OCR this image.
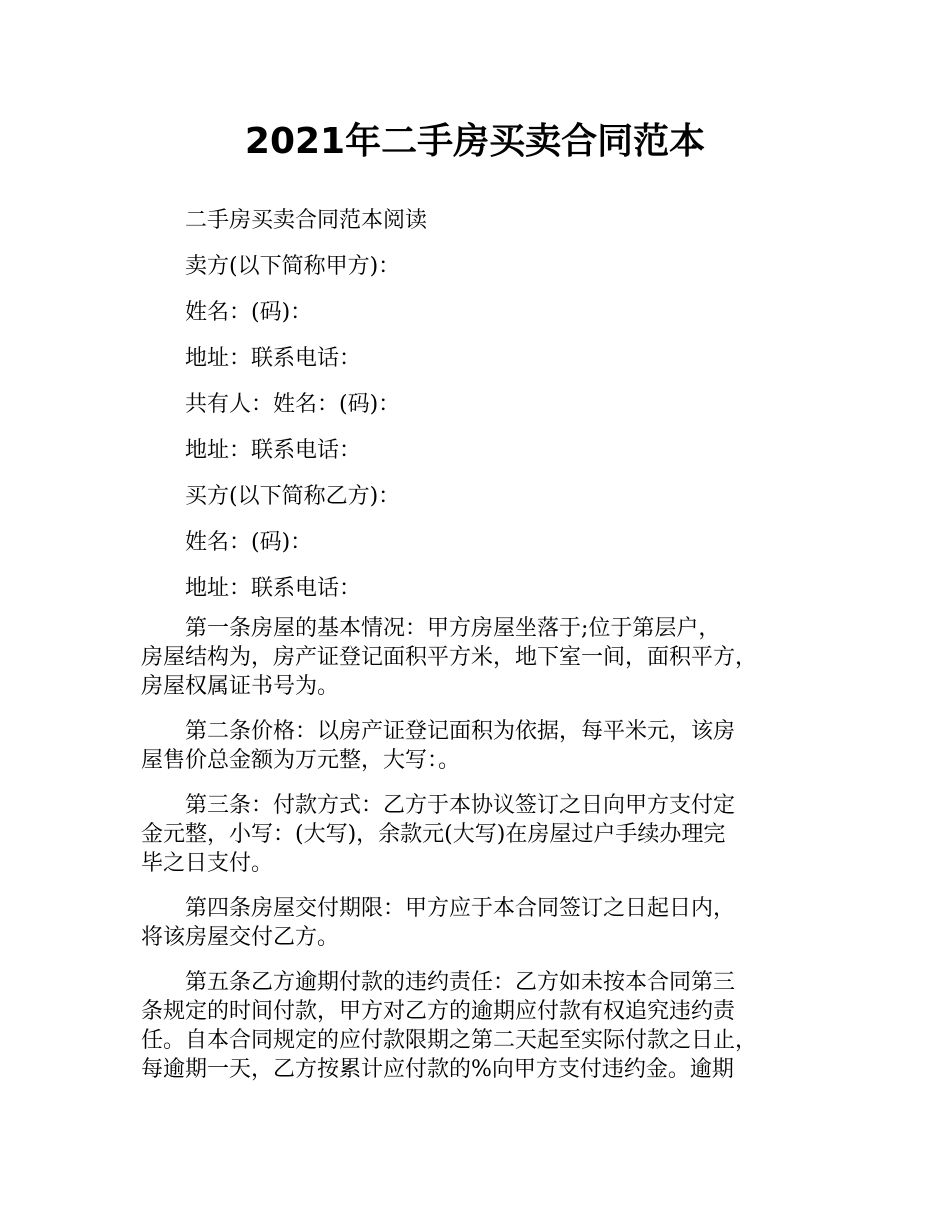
2021年二手房买卖合同范本

二手房买卖合同范本阅读

卖方(以下简称甲方)：

姓名：(码)：

地址：联系电话：

共有人：姓名：(码)：

地址：联系电话：

买方(以下简称乙方)：

姓名：(码)：

地址：联系电话：

第一条房屋的基本情况：甲方房屋坐落于;位于第层户，
房屋结构为，房产证登记面积平方米，地下室一间，面积平方，
房屋权属证书号为。

第二条价格：以房产证登记面积为依据，每平米元，该房
屋售价总金额为万元整，大写：。

第三条：付款方式：乙方于本协议签订之日向甲方支付定
金元整，小写：(大写)，余款元(大写)在房屋过户手续办理完
毕之日支付。

第四条房屋交付期限：甲方应于本合同签订之日起日内，
将该房屋交付乙方。

第五条乙方逾期付款的违约责任：乙方如未按本合同第三
条规定的时间付款，甲方对乙方的逾期应付款有权追究违约责
任。自本合同规定的应付款限期之第二天起至实际付款之日止，
每逾期一天，乙方按累计应付款的%向甲方支付违约金。逾期
